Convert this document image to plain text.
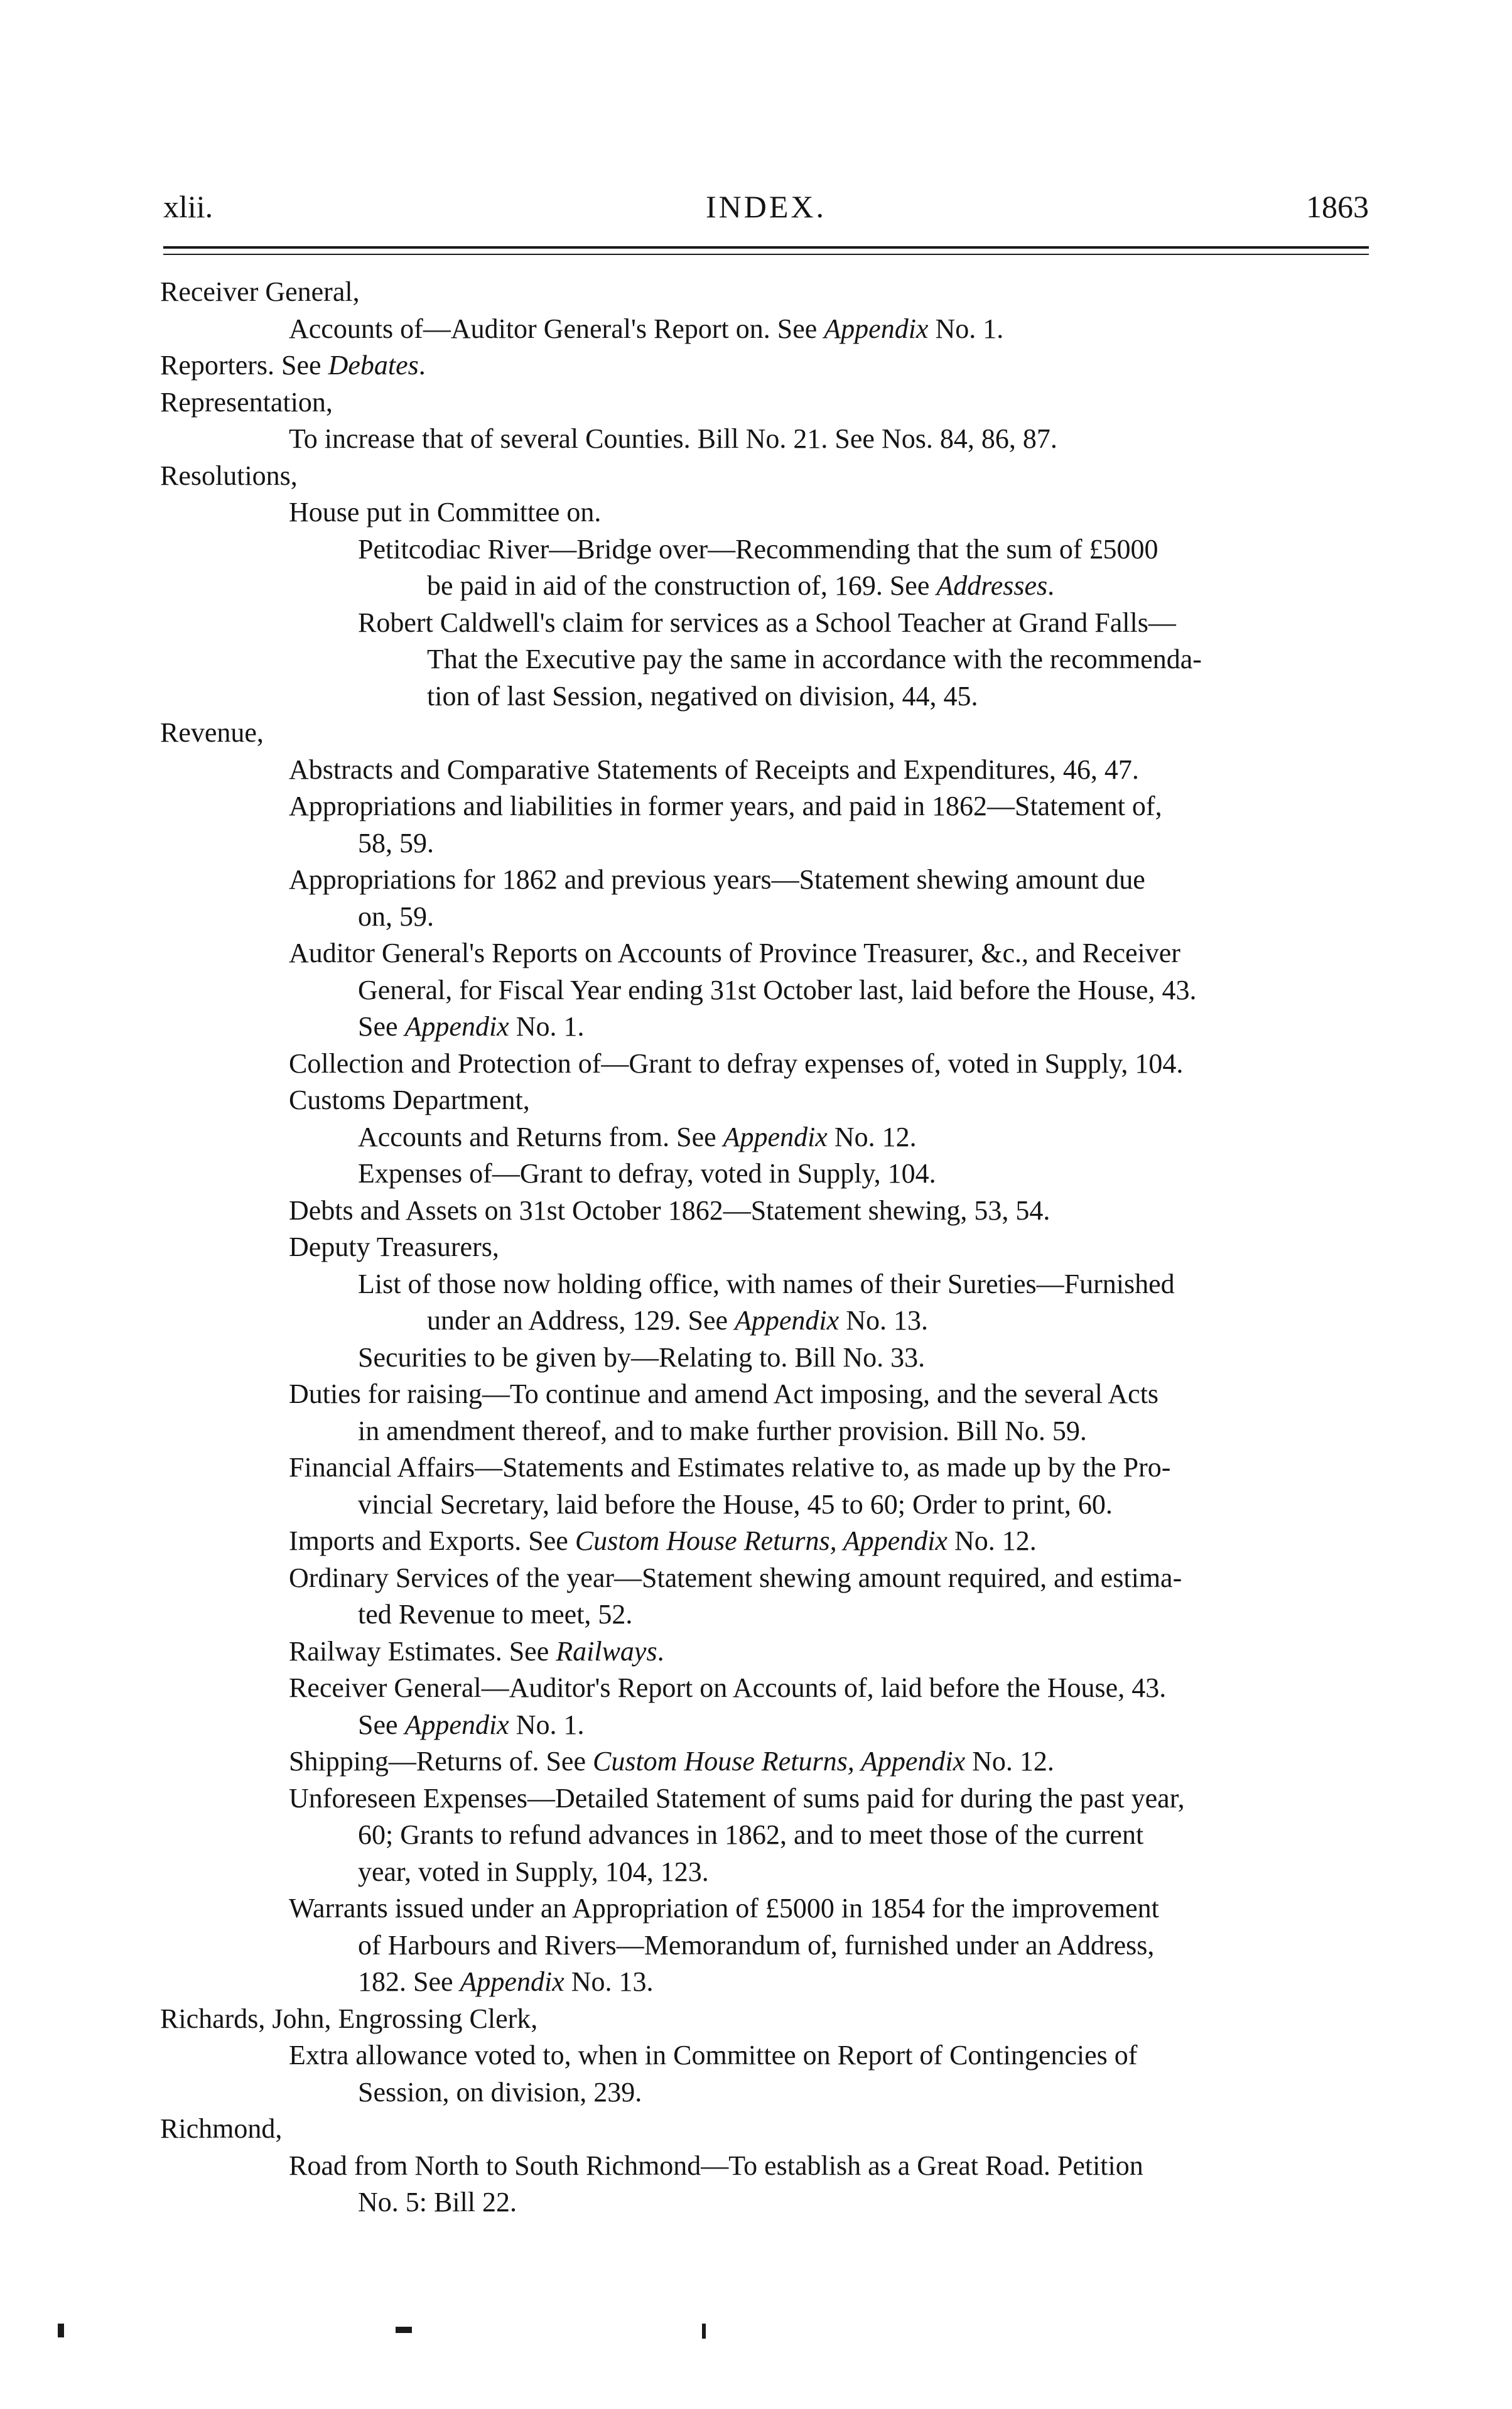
xlii.	INDEX.	1863
Receiver General,
Accounts of—Auditor General's Report on. See Appendix No. 1.
Reporters. See Debates.
Representation,
To increase that of several Counties. Bill No. 21. See Nos. 84, 86, 87.
Resolutions,
House put in Committee on.
Petitcodiac River—Bridge over—Recommending that the sum of £5000
be paid in aid of the construction of, 169. See Addresses.
Robert Caldwell's claim for services as a School Teacher at Grand Falls—
That the Executive pay the same in accordance with the recommenda-
tion of last Session, negatived on division, 44, 45.
Revenue,
Abstracts and Comparative Statements of Receipts and Expenditures, 46, 47.
Appropriations and liabilities in former years, and paid in 1862—Statement of,
58, 59.
Appropriations for 1862 and previous years—Statement shewing amount due
on, 59.
Auditor General's Reports on Accounts of Province Treasurer, &c., and Receiver
General, for Fiscal Year ending 31st October last, laid before the House, 43.
See Appendix No. 1.
Collection and Protection of—Grant to defray expenses of, voted in Supply, 104.
Customs Department,
Accounts and Returns from. See Appendix No. 12.
Expenses of—Grant to defray, voted in Supply, 104.
Debts and Assets on 31st October 1862—Statement shewing, 53, 54.
Deputy Treasurers,
List of those now holding office, with names of their Sureties—Furnished
under an Address, 129. See Appendix No. 13.
Securities to be given by—Relating to. Bill No. 33.
Duties for raising—To continue and amend Act imposing, and the several Acts
in amendment thereof, and to make further provision. Bill No. 59.
Financial Affairs—Statements and Estimates relative to, as made up by the Pro-
vincial Secretary, laid before the House, 45 to 60; Order to print, 60.
Imports and Exports. See Custom House Returns, Appendix No. 12.
Ordinary Services of the year—Statement shewing amount required, and estima-
ted Revenue to meet, 52.
Railway Estimates. See Railways.
Receiver General—Auditor's Report on Accounts of, laid before the House, 43.
See Appendix No. 1.
Shipping—Returns of. See Custom House Returns, Appendix No. 12.
Unforeseen Expenses—Detailed Statement of sums paid for during the past year,
60; Grants to refund advances in 1862, and to meet those of the current
year, voted in Supply, 104, 123.
Warrants issued under an Appropriation of £5000 in 1854 for the improvement
of Harbours and Rivers—Memorandum of, furnished under an Address,
182. See Appendix No. 13.
Richards, John, Engrossing Clerk,
Extra allowance voted to, when in Committee on Report of Contingencies of
Session, on division, 239.
Richmond,
Road from North to South Richmond—To establish as a Great Road. Petition
No. 5: Bill 22.
